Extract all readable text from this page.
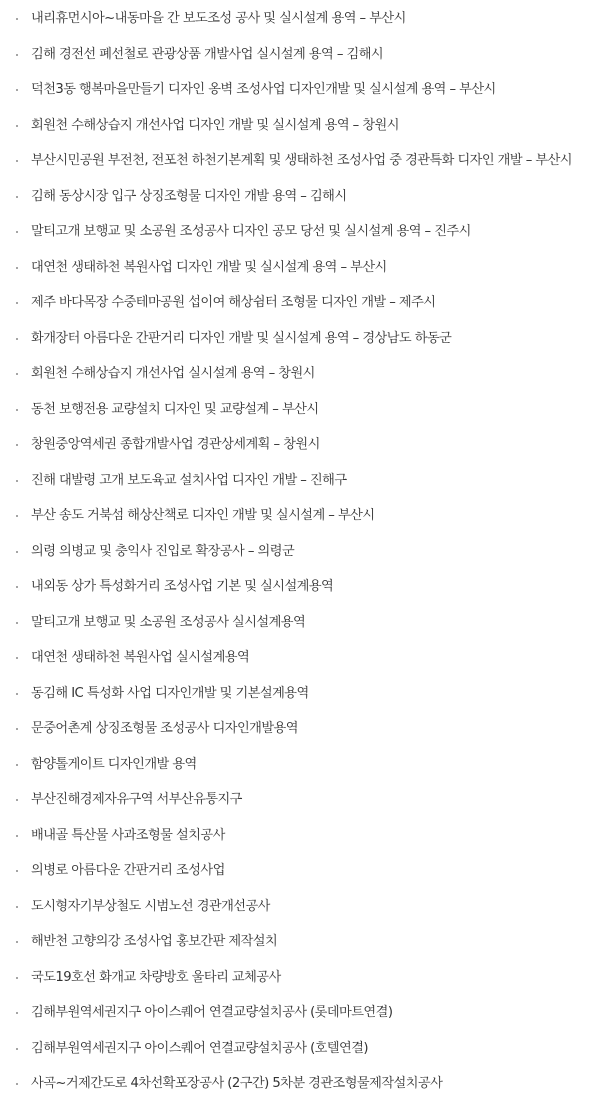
내리휴먼시아~내동마을 간 보도조성 공사 및 실시설계 용역 – 부산시
김해 경전선 폐선철로 관광상품 개발사업 실시설계 용역 – 김해시
덕천3동 행복마을만들기 디자인 옹벽 조성사업 디자인개발 및 실시설계 용역 – 부산시
회원천 수해상습지 개선사업 디자인 개발 및 실시설계 용역 – 창원시
부산시민공원 부전천, 전포천 하천기본계획 및 생태하천 조성사업 중 경관특화 디자인 개발 – 부산시
김해 동상시장 입구 상징조형물 디자인 개발 용역 – 김해시
말티고개 보행교 및 소공원 조성공사 디자인 공모 당선 및 실시설계 용역 – 진주시
대연천 생태하천 복원사업 디자인 개발 및 실시설계 용역 – 부산시
제주 바다목장 수중테마공원 섭이여 해상쉼터 조형물 디자인 개발 – 제주시
화개장터 아름다운 간판거리 디자인 개발 및 실시설계 용역 – 경상남도 하동군
회원천 수해상습지 개선사업 실시설계 용역 – 창원시
동천 보행전용 교량설치 디자인 및 교량설계 – 부산시
창원중앙역세권 종합개발사업 경관상세계획 – 창원시
진해 대발령 고개 보도육교 설치사업 디자인 개발 – 진해구
부산 송도 거북섬 해상산책로 디자인 개발 및 실시설계 – 부산시
의령 의병교 및 충익사 진입로 확장공사 – 의령군
내외동 상가 특성화거리 조성사업 기본 및 실시설계용역
말티고개 보행교 및 소공원 조성공사 실시설계용역
대연천 생태하천 복원사업 실시설계용역
동김해 IC 특성화 사업 디자인개발 및 기본설계용역
문중어촌계 상징조형물 조성공사 디자인개발용역
함양톨게이트 디자인개발 용역
부산진해경제자유구역 서부산유통지구
배내골 특산물 사과조형물 설치공사
의병로 아름다운 간판거리 조성사업
도시형자기부상철도 시범노선 경관개선공사
해반천 고향의강 조성사업 홍보간판 제작설치
국도19호선 화개교 차량방호 울타리 교체공사
김해부원역세권지구 아이스퀘어 연결교량설치공사 (롯데마트연결)
김해부원역세권지구 아이스퀘어 연결교량설치공사 (호텔연결)
사곡~거제간도로 4차선확포장공사 (2구간) 5차분 경관조형물제작설치공사
